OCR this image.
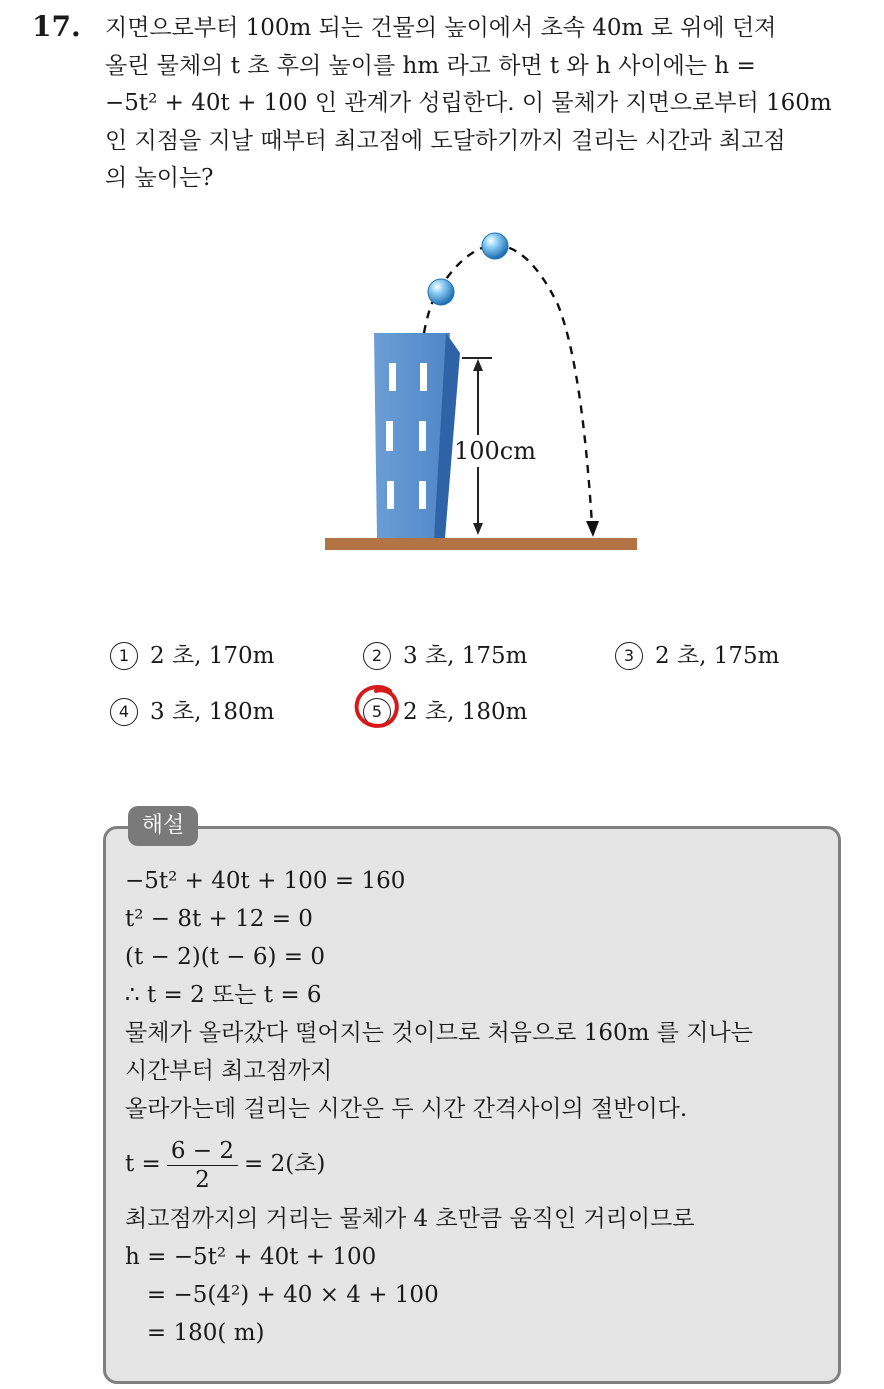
17. 지면으로부터 100m 되는 건물의 높이에서 초속 40m 로 위에 던져
올린 물체의 t 초 후의 높이를 hm 라고 하면 t 와 h 사이에는 h =
−5t² + 40t + 100 인 관계가 성립한다. 이 물체가 지면으로부터 160m
인 지점을 지날 때부터 최고점에 도달하기까지 걸리는 시간과 최고점
의 높이는?
100cm
1 2 초, 170m	2 3 초, 175m	3 2 초, 175m
4 3 초, 180m	5 2 초, 180m
해설
−5t² + 40t + 100 = 160
t² − 8t + 12 = 0
(t − 2)(t − 6) = 0
∴ t = 2 또는 t = 6
물체가 올라갔다 떨어지는 것이므로 처음으로 160m 를 지나는
시간부터 최고점까지
올라가는데 걸리는 시간은 두 시간 간격사이의 절반이다.
$t = \frac{6 - 2}{2} = 2$(초)
최고점까지의 거리는 물체가 4 초만큼 움직인 거리이므로
h = −5t² + 40t + 100
= −5(4²) + 40 × 4 + 100
= 180( m)
